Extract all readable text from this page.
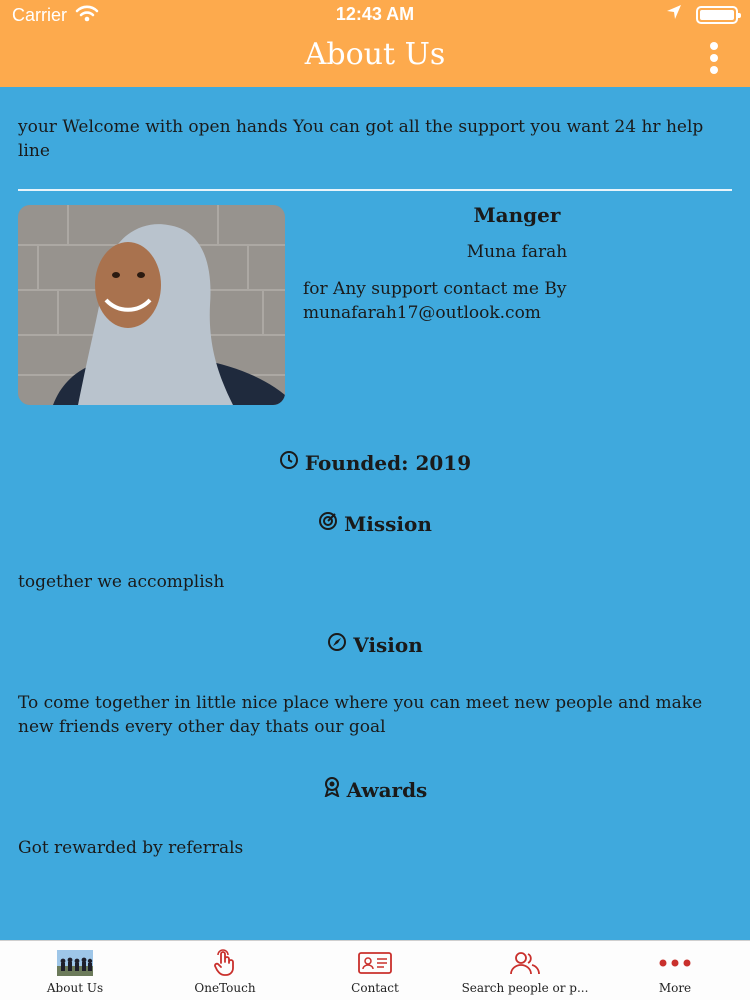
Carrier	12:43 AM
About Us
your Welcome with open hands You can got all the support you want 24 hr help line
Manger
Muna farah
for Any support contact me By munafarah17@outlook.com
Founded: 2019
Mission
together we accomplish
Vision
To come together in little nice place where you can meet new people and make new friends every other day thats our goal
Awards
Got rewarded by referrals
About Us	OneTouch	Contact	Search people or p...	More
